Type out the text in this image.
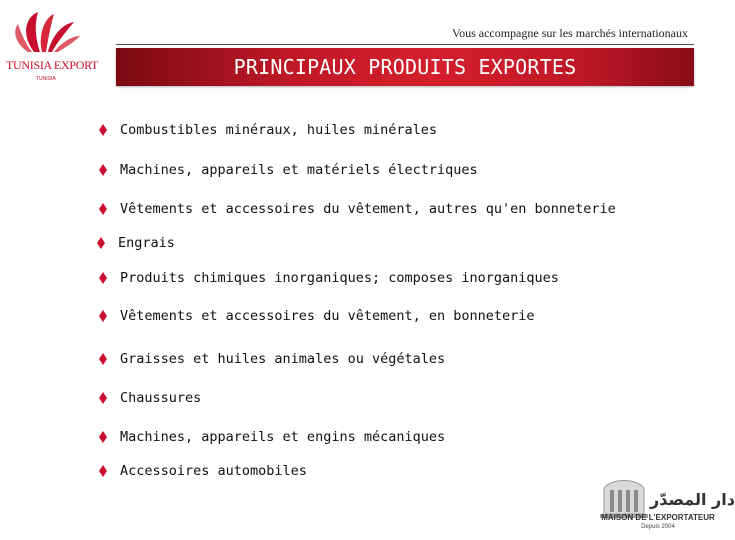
TUNISIA EXPORT
TUNISIA
Vous accompagne sur les marchés internationaux
PRINCIPAUX PRODUITS EXPORTES
Combustibles minéraux, huiles minérales
Machines, appareils et matériels électriques
Vêtements et accessoires du vêtement, autres qu'en bonneterie
Engrais
Produits chimiques inorganiques; composes inorganiques
Vêtements et accessoires du vêtement, en bonneterie
Graisses et huiles animales ou végétales
Chaussures
Machines, appareils et engins mécaniques
Accessoires automobiles
دار المصدّر
MAISON DE L'EXPORTATEUR
Depuis 2004
